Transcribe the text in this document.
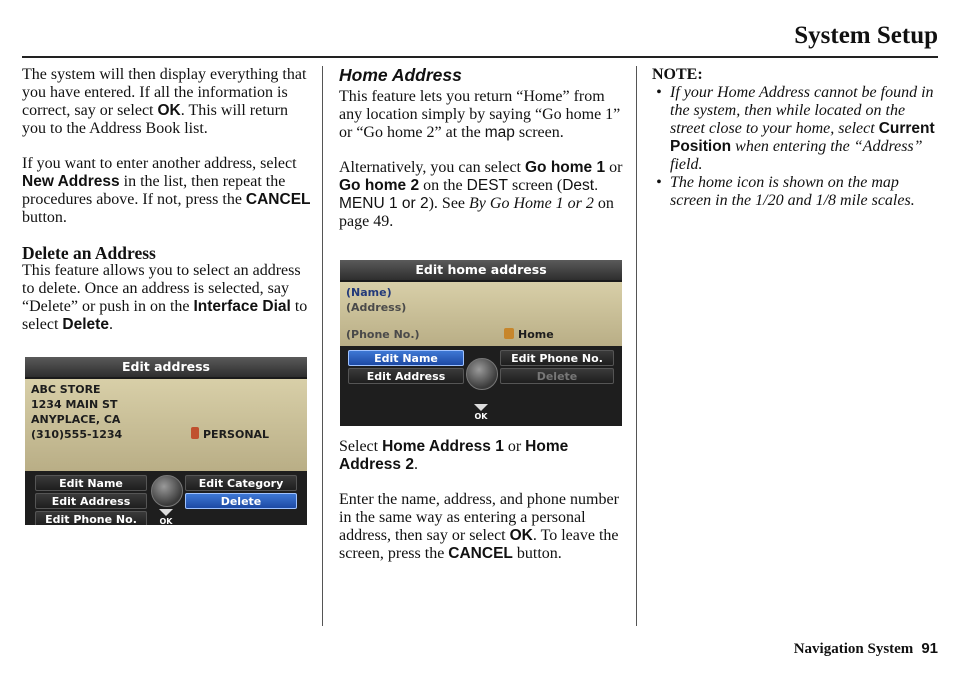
System Setup

The system will then display everything that you have entered. If all the information is correct, say or select OK. This will return you to the Address Book list.

If you want to enter another address, select New Address in the list, then repeat the procedures above. If not, press the CANCEL button.

Delete an Address

This feature allows you to select an address to delete. Once an address is selected, say “Delete” or push in on the Interface Dial to select Delete.

Edit address
ABC STORE
1234 MAIN ST
ANYPLACE, CA
(310)555-1234	PERSONAL
Edit Name	Edit Category
Edit Address	Delete
Edit Phone No.	OK
Home Address

This feature lets you return “Home” from any location simply by saying “Go home 1” or “Go home 2” at the map screen.

Alternatively, you can select Go home 1 or Go home 2 on the DEST screen (Dest. MENU 1 or 2). See By Go Home 1 or 2 on page 49.

Edit home address
(Name)
(Address)
(Phone No.)	Home
Edit Name	Edit Phone No.
Edit Address	Delete
OK

Select Home Address 1 or Home Address 2.

Enter the name, address, and phone number in the same way as entering a personal address, then say or select OK. To leave the screen, press the CANCEL button.

NOTE:
• If your Home Address cannot be found in the system, then while located on the street close to your home, select Current Position when entering the “Address” field.
• The home icon is shown on the map screen in the 1/20 and 1/8 mile scales.
Navigation System 91
